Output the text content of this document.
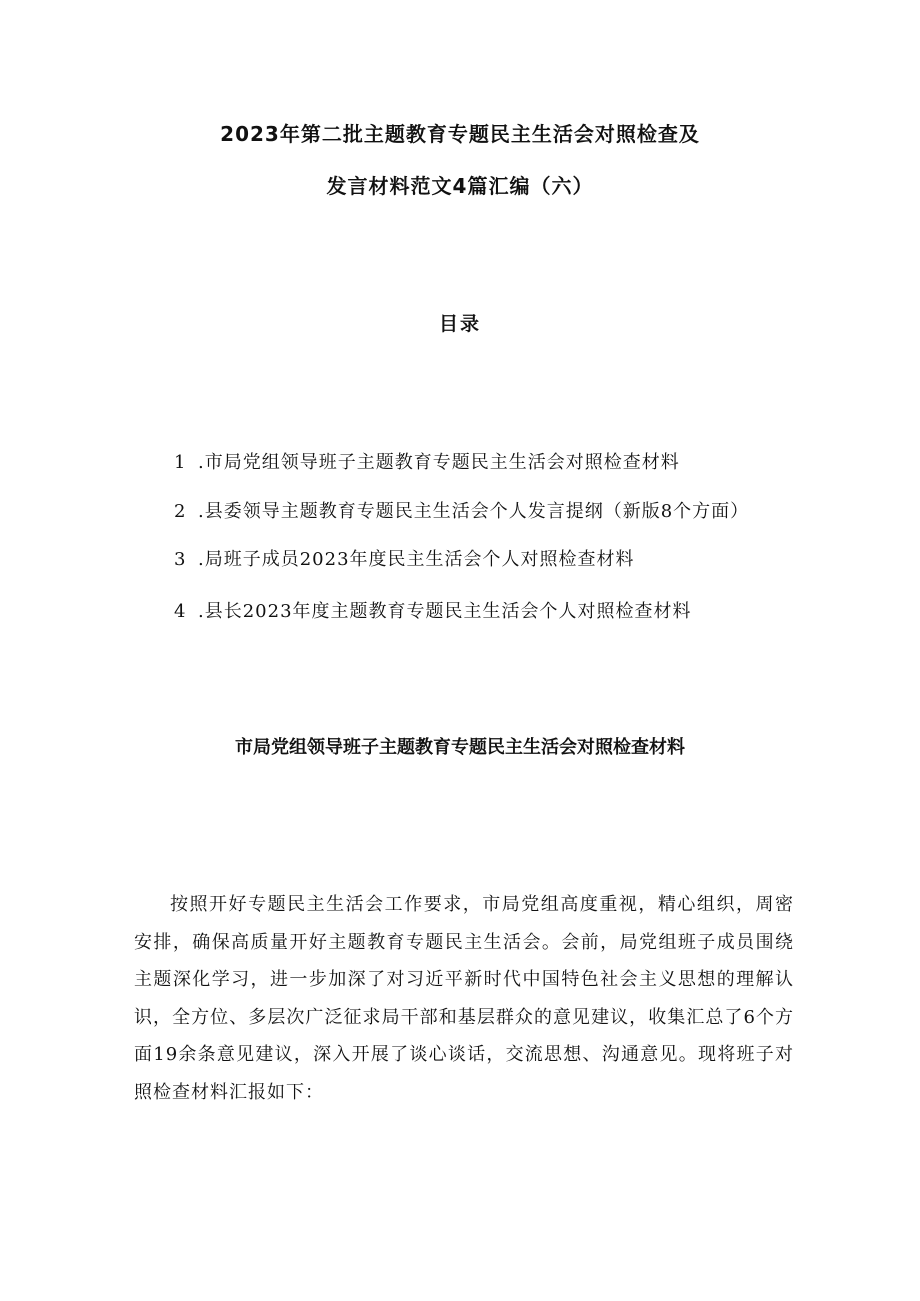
2023年第二批主题教育专题民主生活会对照检查及
发言材料范文4篇汇编（六）
目录
1 .市局党组领导班子主题教育专题民主生活会对照检查材料
2 .县委领导主题教育专题民主生活会个人发言提纲（新版8个方面）
3 .局班子成员2023年度民主生活会个人对照检查材料
4 .县长2023年度主题教育专题民主生活会个人对照检查材料
市局党组领导班子主题教育专题民主生活会对照检查材料

按照开好专题民主生活会工作要求，市局党组高度重视，精心组织，周密安排，确保高质量开好主题教育专题民主生活会。会前，局党组班子成员围绕主题深化学习，进一步加深了对习近平新时代中国特色社会主义思想的理解认识，全方位、多层次广泛征求局干部和基层群众的意见建议，收集汇总了6个方面19余条意见建议，深入开展了谈心谈话，交流思想、沟通意见。现将班子对照检查材料汇报如下：
